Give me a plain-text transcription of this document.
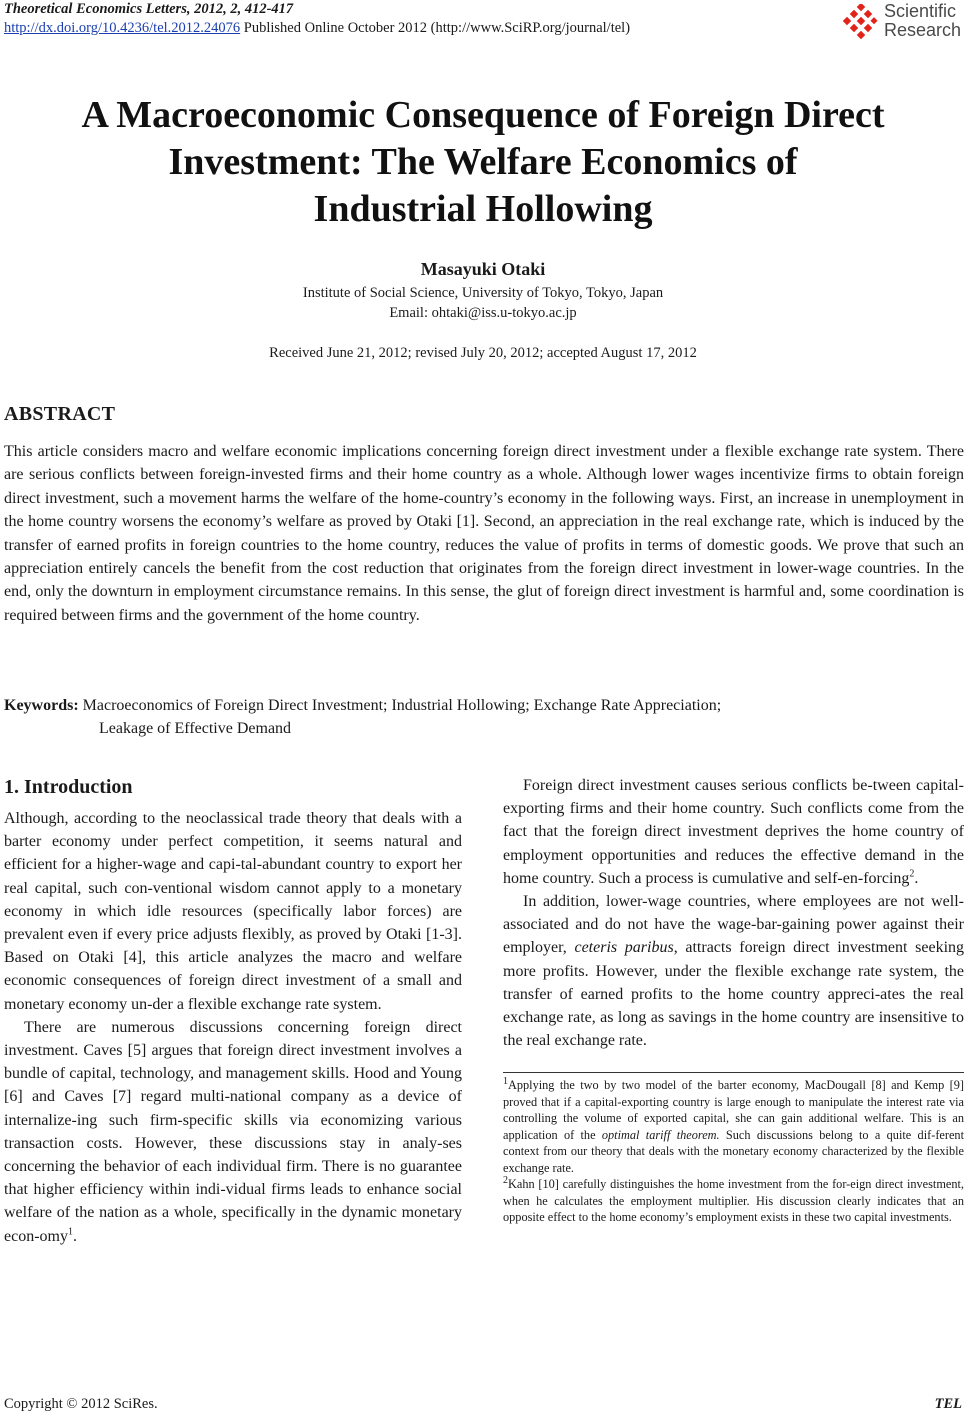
Theoretical Economics Letters, 2012, 2, 412-417
http://dx.doi.org/10.4236/tel.2012.24076 Published Online October 2012 (http://www.SciRP.org/journal/tel)
Scientific
Research
A Macroeconomic Consequence of Foreign Direct
Investment: The Welfare Economics of
Industrial Hollowing
Masayuki Otaki
Institute of Social Science, University of Tokyo, Tokyo, Japan
Email: ohtaki@iss.u-tokyo.ac.jp
Received June 21, 2012; revised July 20, 2012; accepted August 17, 2012
ABSTRACT
This article considers macro and welfare economic implications concerning foreign direct investment under a flexible exchange rate system. There are serious conflicts between foreign-invested firms and their home country as a whole. Although lower wages incentivize firms to obtain foreign direct investment, such a movement harms the welfare of the home-country’s economy in the following ways. First, an increase in unemployment in the home country worsens the economy’s welfare as proved by Otaki [1]. Second, an appreciation in the real exchange rate, which is induced by the transfer of earned profits in foreign countries to the home country, reduces the value of profits in terms of domestic goods. We prove that such an appreciation entirely cancels the benefit from the cost reduction that originates from the foreign direct investment in lower-wage countries. In the end, only the downturn in employment circumstance remains. In this sense, the glut of foreign direct investment is harmful and, some coordination is required between firms and the government of the home country.
Keywords: Macroeconomics of Foreign Direct Investment; Industrial Hollowing; Exchange Rate Appreciation;
Leakage of Effective Demand
1. Introduction

Although, according to the neoclassical trade theory that deals with a barter economy under perfect competition, it seems natural and efficient for a higher-wage and capi-tal-abundant country to export her real capital, such con-ventional wisdom cannot apply to a monetary economy in which idle resources (specifically labor forces) are prevalent even if every price adjusts flexibly, as proved by Otaki [1-3]. Based on Otaki [4], this article analyzes the macro and welfare economic consequences of foreign direct investment of a small and monetary economy un-der a flexible exchange rate system.

There are numerous discussions concerning foreign direct investment. Caves [5] argues that foreign direct investment involves a bundle of capital, technology, and management skills. Hood and Young [6] and Caves [7] regard multi-national company as a device of internalize-ing such firm-specific skills via economizing various transaction costs. However, these discussions stay in analy-ses concerning the behavior of each individual firm. There is no guarantee that higher efficiency within indi-vidual firms leads to enhance social welfare of the nation as a whole, specifically in the dynamic monetary econ-omy$^1$.

Foreign direct investment causes serious conflicts be-tween capital-exporting firms and their home country. Such conflicts come from the fact that the foreign direct investment deprives the home country of employment opportunities and reduces the effective demand in the home country. Such a process is cumulative and self-en-forcing$^2$.

In addition, lower-wage countries, where employees are not well-associated and do not have the wage-bar-gaining power against their employer, ceteris paribus, attracts foreign direct investment seeking more profits. However, under the flexible exchange rate system, the transfer of earned profits to the home country appreci-ates the real exchange rate, as long as savings in the home country are insensitive to the real exchange rate.

$^1$Applying the two by two model of the barter economy, MacDougall [8] and Kemp [9] proved that if a capital-exporting country is large enough to manipulate the interest rate via controlling the volume of exported capital, she can gain additional welfare. This is an application of the optimal tariff theorem. Such discussions belong to a quite dif-ferent context from our theory that deals with the monetary economy characterized by the flexible exchange rate.

$^2$Kahn [10] carefully distinguishes the home investment from the for-eign direct investment, when he calculates the employment multiplier. His discussion clearly indicates that an opposite effect to the home economy’s employment exists in these two capital investments.

Copyright © 2012 SciRes.	TEL
